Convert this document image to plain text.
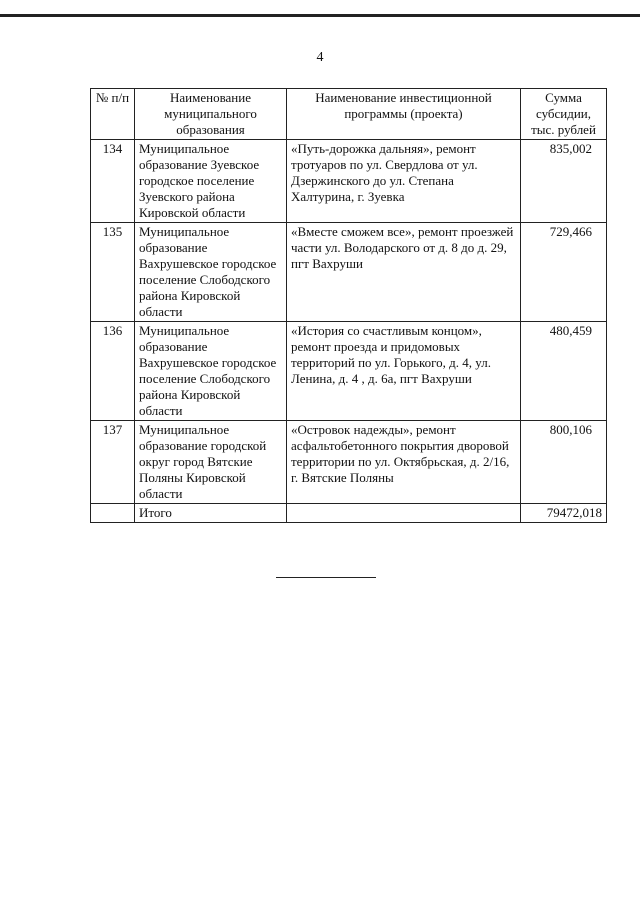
4
№ п/п	Наименование муниципального образования	Наименование инвестиционной программы (проекта)	Сумма субсидии, тыс. рублей
134	Муниципальное образование Зуевское городское поселение Зуевского района Кировской области	«Путь-дорожка дальняя», ремонт тротуаров по ул. Свердлова от ул. Дзержинского до ул. Степана Халтурина, г. Зуевка	835,002
135	Муниципальное образование Вахрушевское городское поселение Слободского района Кировской области	«Вместе сможем все», ремонт проезжей части ул. Володарского от д. 8 до д. 29, пгт Вахруши	729,466
136	Муниципальное образование Вахрушевское городское поселение Слободского района Кировской области	«История со счастливым концом», ремонт проезда и придомовых территорий по ул. Горького, д. 4, ул. Ленина, д. 4 , д. 6а, пгт Вахруши	480,459
137	Муниципальное образование городской округ город Вятские Поляны Кировской области	«Островок надежды», ремонт асфальтобетонного покрытия дворовой территории по ул. Октябрьская, д. 2/16, г. Вятские Поляны	800,106
	Итого		79472,018
